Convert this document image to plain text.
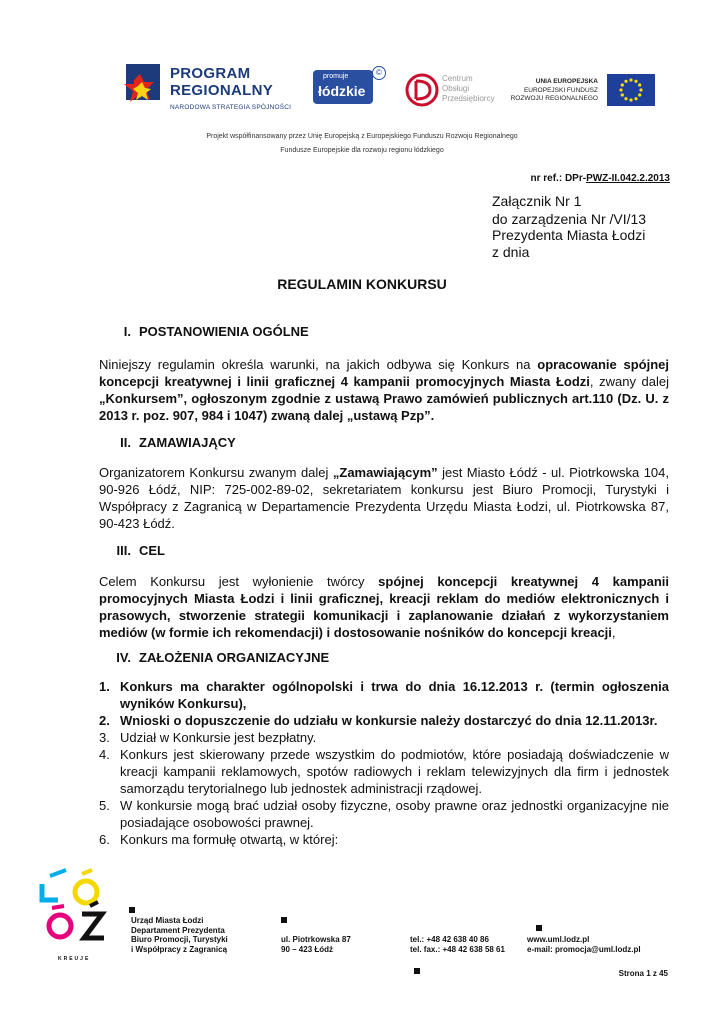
PROGRAM
REGIONALNY
NARODOWA STRATEGIA SPÓJNOŚCI
promuje
łódzkie
©
Centrum
Obsługi
Przedsiębiorcy
UNIA EUROPEJSKA
EUROPEJSKI FUNDUSZ
ROZWOJU REGIONALNEGO
Projekt współfinansowany przez Unię Europejską z Europejskiego Funduszu Rozwoju Regionalnego
Fundusze Europejskie dla rozwoju regionu łódzkiego
nr ref.: DPr-PWZ-II.042.2.2013
Załącznik Nr 1
do zarządzenia Nr /VI/13
Prezydenta Miasta Łodzi
z dnia
REGULAMIN KONKURSU
I. POSTANOWIENIA OGÓLNE

Niniejszy regulamin określa warunki, na jakich odbywa się Konkurs na opracowanie spójnej koncepcji kreatywnej i linii graficznej 4 kampanii promocyjnych Miasta Łodzi, zwany dalej „Konkursem”, ogłoszonym zgodnie z ustawą Prawo zamówień publicznych art.110 (Dz. U. z 2013 r. poz. 907, 984 i 1047) zwaną dalej „ustawą Pzp”.

II. ZAMAWIAJĄCY

Organizatorem Konkursu zwanym dalej „Zamawiającym” jest Miasto Łódź - ul. Piotrkowska 104, 90-926 Łódź, NIP: 725-002-89-02, sekretariatem konkursu jest Biuro Promocji, Turystyki i Współpracy z Zagranicą w Departamencie Prezydenta Urzędu Miasta Łodzi, ul. Piotrkowska 87, 90-423 Łódź.

III. CEL

Celem Konkursu jest wyłonienie twórcy spójnej koncepcji kreatywnej 4 kampanii promocyjnych Miasta Łodzi i linii graficznej, kreacji reklam do mediów elektronicznych i prasowych, stworzenie strategii komunikacji i zaplanowanie działań z wykorzystaniem mediów (w formie ich rekomendacji) i dostosowanie nośników do koncepcji kreacji,

IV. ZAŁOŻENIA ORGANIZACYJNE
1. Konkurs ma charakter ogólnopolski i trwa do dnia 16.12.2013 r. (termin ogłoszenia wyników Konkursu),
2. Wnioski o dopuszczenie do udziału w konkursie należy dostarczyć do dnia 12.11.2013r.
3. Udział w Konkursie jest bezpłatny.
4. Konkurs jest skierowany przede wszystkim do podmiotów, które posiadają doświadczenie w kreacji kampanii reklamowych, spotów radiowych i reklam telewizyjnych dla firm i jednostek samorządu terytorialnego lub jednostek administracji rządowej.
5. W konkursie mogą brać udział osoby fizyczne, osoby prawne oraz jednostki organizacyjne nie posiadające osobowości prawnej.
6. Konkurs ma formułę otwartą, w której:
KREUJE
Urząd Miasta Łodzi
Departament Prezydenta
Biuro Promocji, Turystyki
i Współpracy z Zagranicą
ul. Piotrkowska 87
90 – 423 Łódź
tel.: +48 42 638 40 86
tel. fax.: +48 42 638 58 61
www.uml.lodz.pl
e-mail: promocja@uml.lodz.pl
Strona 1 z 45
